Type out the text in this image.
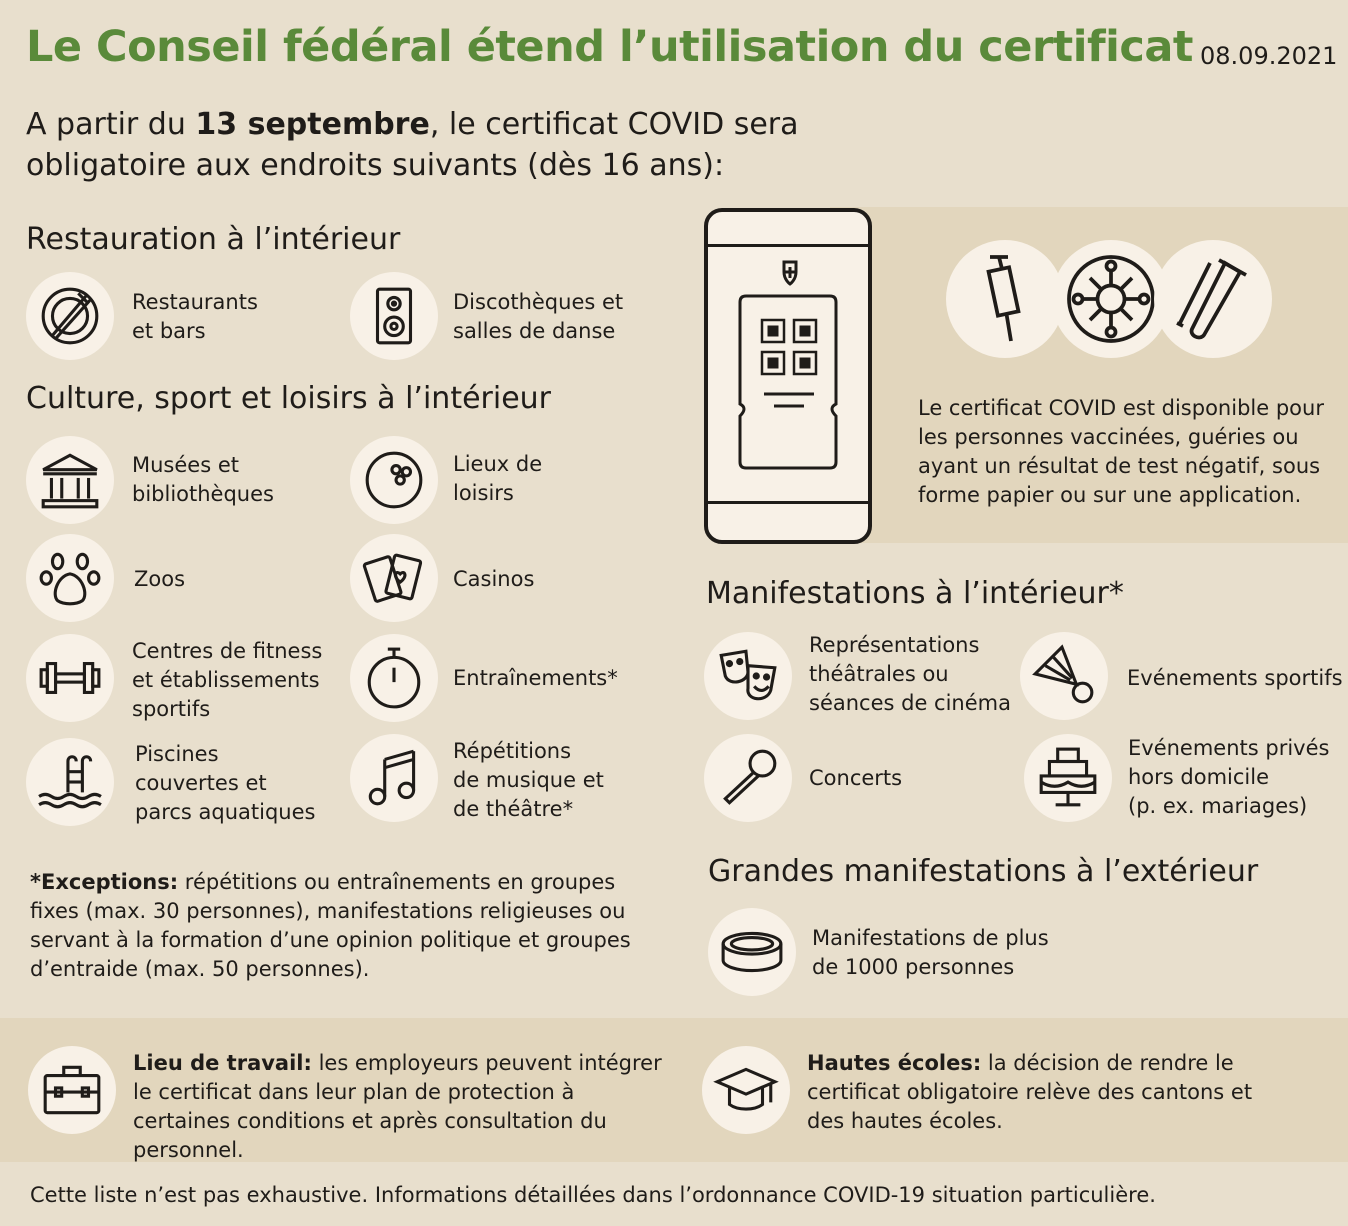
Le Conseil fédéral étend l’utilisation du certificat 08.09.2021
A partir du 13 septembre, le certificat COVID sera obligatoire aux endroits suivants (dès 16 ans):
Restauration à l’intérieur
Restaurants
et bars
Discothèques et
salles de danse
Culture, sport et loisirs à l’intérieur
Musées et
bibliothèques
Lieux de
loisirs
Zoos	Casinos
Centres de fitness
et établissements
sportifs
Entraînements*
Piscines
couvertes et
parcs aquatiques
Répétitions
de musique et
de théâtre*
Le certificat COVID est disponible pour les personnes vaccinées, guéries ou ayant un résultat de test négatif, sous forme papier ou sur une application.
Manifestations à l’intérieur*
Représentations
théâtrales ou
séances de cinéma
Evénements sportifs
Concerts
Evénements privés
hors domicile
(p. ex. mariages)
Grandes manifestations à l’extérieur
Manifestations de plus
de 1000 personnes
*Exceptions: répétitions ou entraînements en groupes fixes (max. 30 personnes), manifestations religieuses ou servant à la formation d’une opinion politique et groupes d’entraide (max. 50 personnes).
Lieu de travail: les employeurs peuvent intégrer le certificat dans leur plan de protection à certaines conditions et après consultation du personnel.
Hautes écoles: la décision de rendre le certificat obligatoire relève des cantons et des hautes écoles.
Cette liste n’est pas exhaustive. Informations détaillées dans l’ordonnance COVID-19 situation particulière.
